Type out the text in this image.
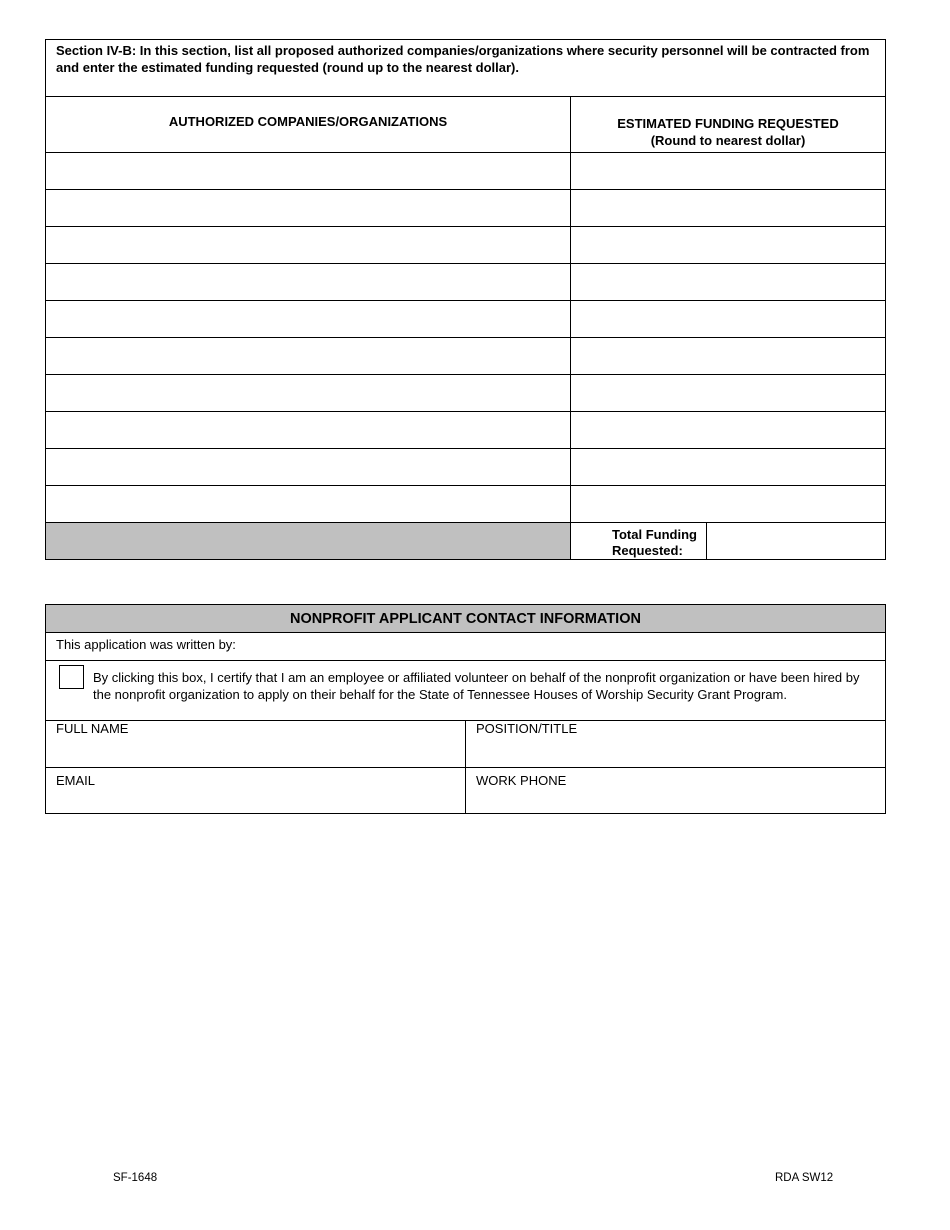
Section IV-B: In this section, list all proposed authorized companies/organizations where security personnel will be contracted from and enter the estimated funding requested (round up to the nearest dollar).	
AUTHORIZED COMPANIES/ORGANIZATIONS	ESTIMATED FUNDING REQUESTED
(Round to nearest dollar)

	Total Funding
Requested:
NONPROFIT APPLICANT CONTACT INFORMATION	
This application was written by:	

By clicking this box, I certify that I am an employee or affiliated volunteer on behalf of the nonprofit organization or have been hired by the nonprofit organization to apply on their behalf for the State of Tennessee Houses of Worship Security Grant Program.	

FULL NAME	POSITION/TITLE

EMAIL	WORK PHONE
SF-1648	RDA SW12
